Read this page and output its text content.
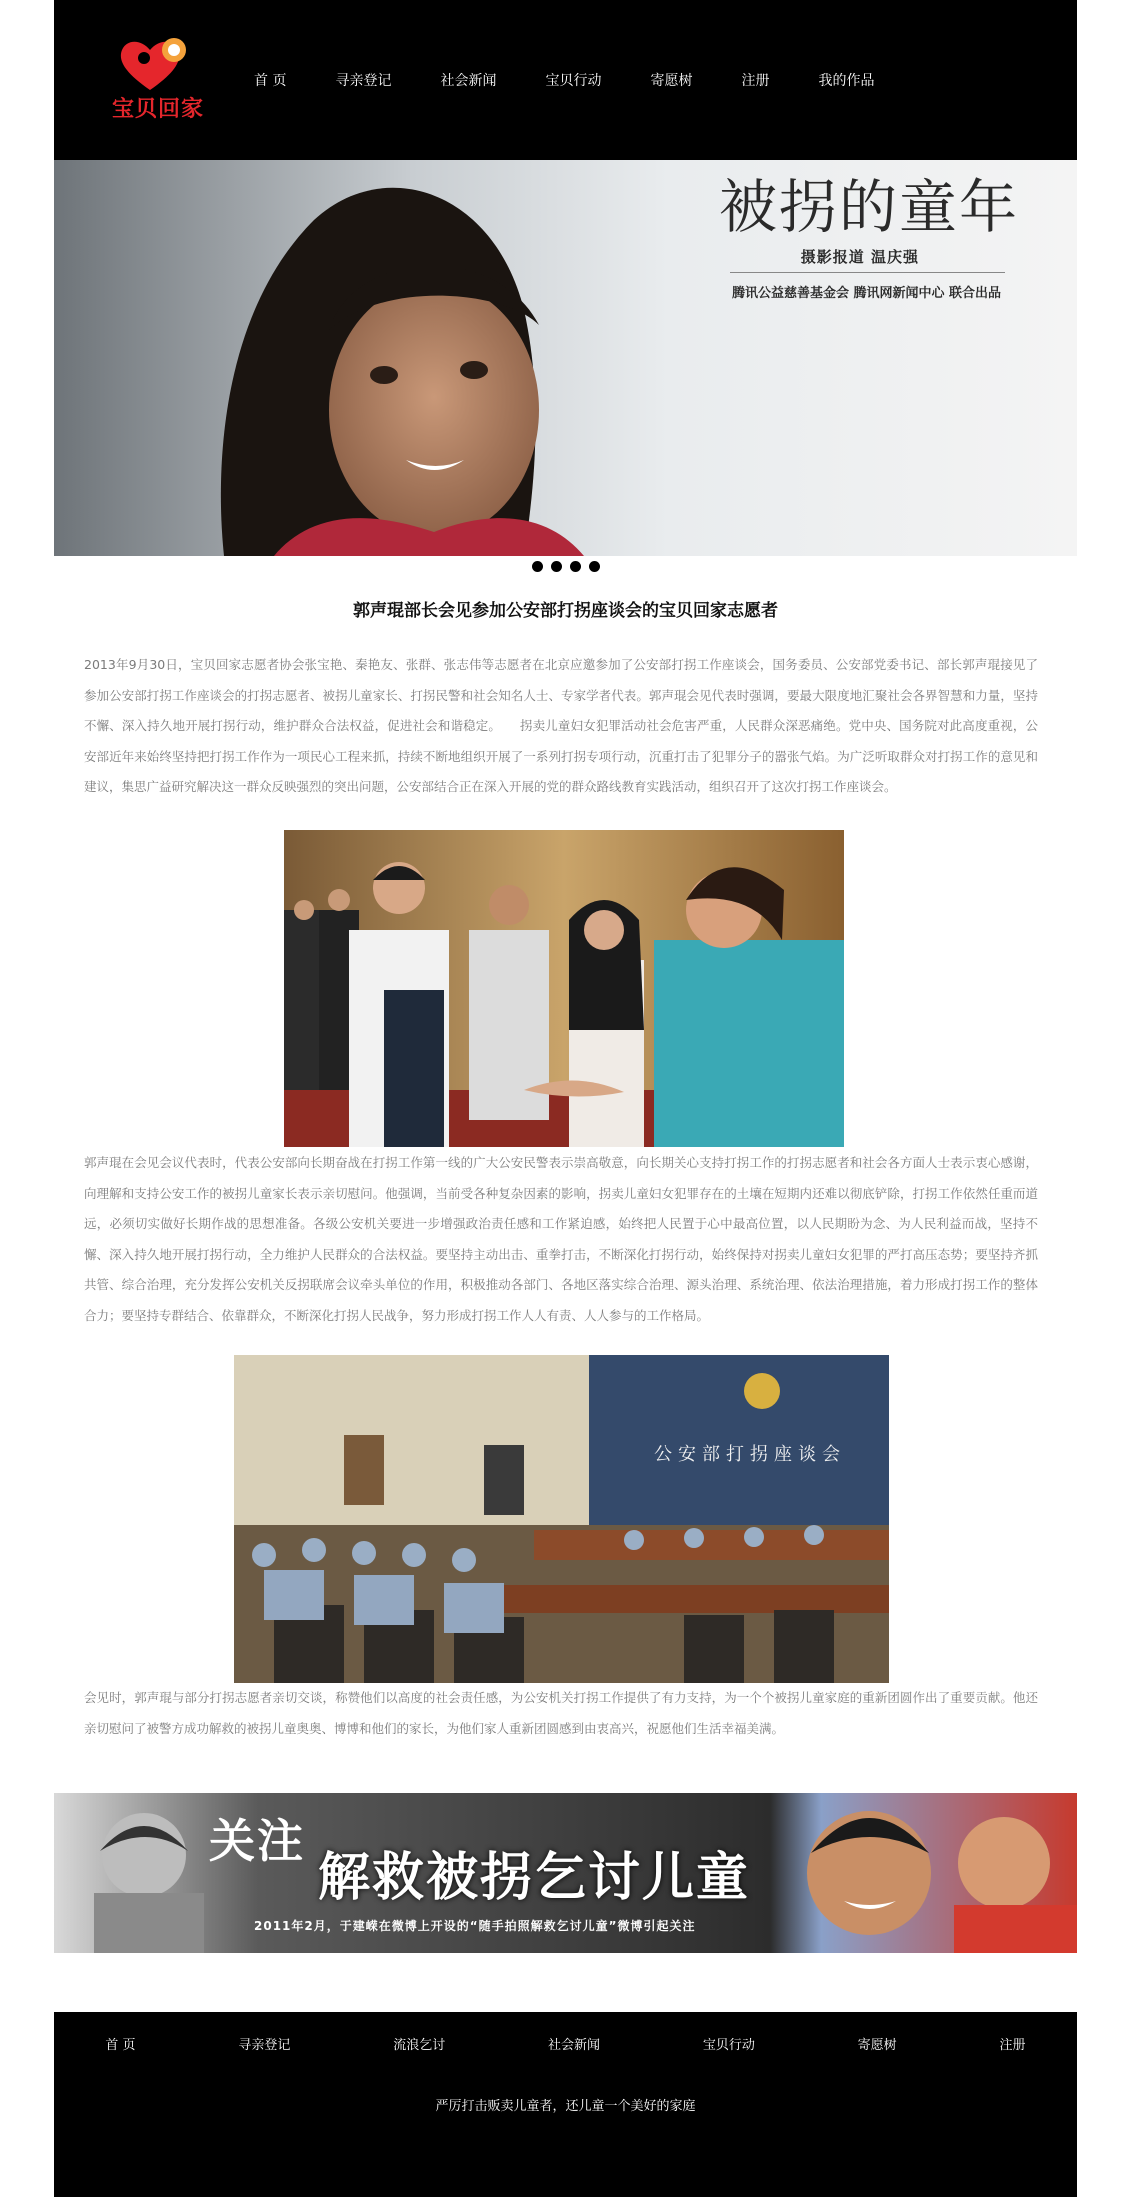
宝贝回家
首 页	寻亲登记	社会新闻	宝贝行动	寄愿树	注册	我的作品
被拐的童年
摄影报道 温庆强
腾讯公益慈善基金会 腾讯网新闻中心 联合出品
郭声琨部长会见参加公安部打拐座谈会的宝贝回家志愿者

2013年9月30日，宝贝回家志愿者协会张宝艳、秦艳友、张群、张志伟等志愿者在北京应邀参加了公安部打拐工作座谈会，国务委员、公安部党委书记、部长郭声琨接见了参加公安部打拐工作座谈会的打拐志愿者、被拐儿童家长、打拐民警和社会知名人士、专家学者代表。郭声琨会见代表时强调，要最大限度地汇聚社会各界智慧和力量，坚持不懈、深入持久地开展打拐行动，维护群众合法权益，促进社会和谐稳定。　　拐卖儿童妇女犯罪活动社会危害严重，人民群众深恶痛绝。党中央、国务院对此高度重视，公安部近年来始终坚持把打拐工作作为一项民心工程来抓，持续不断地组织开展了一系列打拐专项行动，沉重打击了犯罪分子的嚣张气焰。为广泛听取群众对打拐工作的意见和建议，集思广益研究解决这一群众反映强烈的突出问题，公安部结合正在深入开展的党的群众路线教育实践活动，组织召开了这次打拐工作座谈会。

郭声琨在会见会议代表时，代表公安部向长期奋战在打拐工作第一线的广大公安民警表示崇高敬意，向长期关心支持打拐工作的打拐志愿者和社会各方面人士表示衷心感谢，向理解和支持公安工作的被拐儿童家长表示亲切慰问。他强调，当前受各种复杂因素的影响，拐卖儿童妇女犯罪存在的土壤在短期内还难以彻底铲除，打拐工作依然任重而道远，必须切实做好长期作战的思想准备。各级公安机关要进一步增强政治责任感和工作紧迫感，始终把人民置于心中最高位置，以人民期盼为念、为人民利益而战，坚持不懈、深入持久地开展打拐行动，全力维护人民群众的合法权益。要坚持主动出击、重拳打击，不断深化打拐行动，始终保持对拐卖儿童妇女犯罪的严打高压态势；要坚持齐抓共管、综合治理，充分发挥公安机关反拐联席会议牵头单位的作用，积极推动各部门、各地区落实综合治理、源头治理、系统治理、依法治理措施，着力形成打拐工作的整体合力；要坚持专群结合、依靠群众，不断深化打拐人民战争，努力形成打拐工作人人有责、人人参与的工作格局。

公安部打拐座谈会

会见时，郭声琨与部分打拐志愿者亲切交谈，称赞他们以高度的社会责任感，为公安机关打拐工作提供了有力支持，为一个个被拐儿童家庭的重新团圆作出了重要贡献。他还亲切慰问了被警方成功解救的被拐儿童奥奥、博博和他们的家长，为他们家人重新团圆感到由衷高兴，祝愿他们生活幸福美满。

关注
解救被拐乞讨儿童
2011年2月，于建嵘在微博上开设的“随手拍照解救乞讨儿童”微博引起关注
首 页	寻亲登记	流浪乞讨	社会新闻	宝贝行动	寄愿树	注册
严厉打击贩卖儿童者，还儿童一个美好的家庭
